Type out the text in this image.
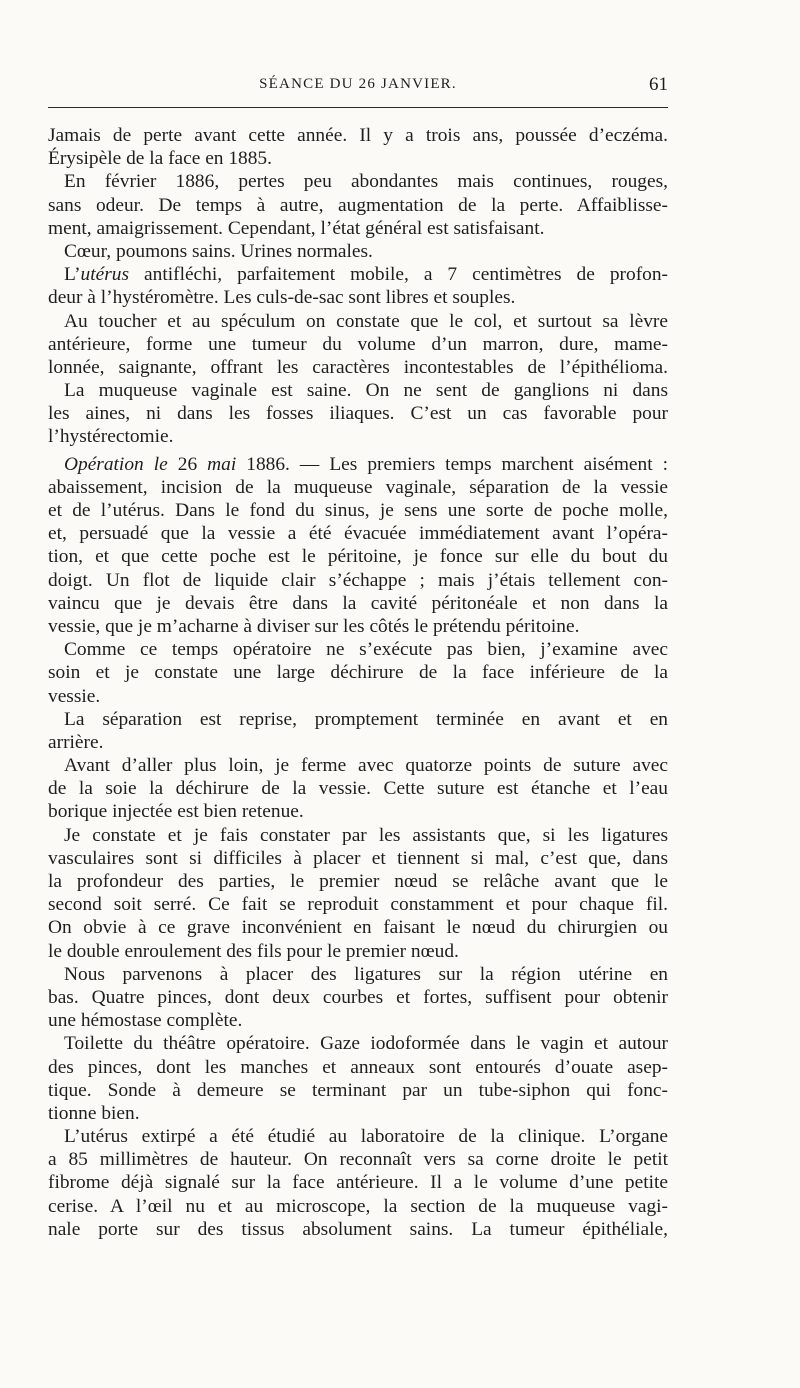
SÉANCE DU 26 JANVIER.	61
Jamais de perte avant cette année. Il y a trois ans, poussée d’eczéma.
Érysipèle de la face en 1885.
En février 1886, pertes peu abondantes mais continues, rouges,
sans odeur. De temps à autre, augmentation de la perte. Affaiblisse-
ment, amaigrissement. Cependant, l’état général est satisfaisant.
Cœur, poumons sains. Urines normales.
L’utérus antifléchi, parfaitement mobile, a 7 centimètres de profon-
deur à l’hystéromètre. Les culs-de-sac sont libres et souples.
Au toucher et au spéculum on constate que le col, et surtout sa lèvre
antérieure, forme une tumeur du volume d’un marron, dure, mame-
lonnée, saignante, offrant les caractères incontestables de l’épithélioma.
La muqueuse vaginale est saine. On ne sent de ganglions ni dans
les aines, ni dans les fosses iliaques. C’est un cas favorable pour
l’hystérectomie.
Opération le 26 mai 1886. — Les premiers temps marchent aisément :
abaissement, incision de la muqueuse vaginale, séparation de la vessie
et de l’utérus. Dans le fond du sinus, je sens une sorte de poche molle,
et, persuadé que la vessie a été évacuée immédiatement avant l’opéra-
tion, et que cette poche est le péritoine, je fonce sur elle du bout du
doigt. Un flot de liquide clair s’échappe ; mais j’étais tellement con-
vaincu que je devais être dans la cavité péritonéale et non dans la
vessie, que je m’acharne à diviser sur les côtés le prétendu péritoine.
Comme ce temps opératoire ne s’exécute pas bien, j’examine avec
soin et je constate une large déchirure de la face inférieure de la
vessie.
La séparation est reprise, promptement terminée en avant et en
arrière.
Avant d’aller plus loin, je ferme avec quatorze points de suture avec
de la soie la déchirure de la vessie. Cette suture est étanche et l’eau
borique injectée est bien retenue.
Je constate et je fais constater par les assistants que, si les ligatures
vasculaires sont si difficiles à placer et tiennent si mal, c’est que, dans
la profondeur des parties, le premier nœud se relâche avant que le
second soit serré. Ce fait se reproduit constamment et pour chaque fil.
On obvie à ce grave inconvénient en faisant le nœud du chirurgien ou
le double enroulement des fils pour le premier nœud.
Nous parvenons à placer des ligatures sur la région utérine en
bas. Quatre pinces, dont deux courbes et fortes, suffisent pour obtenir
une hémostase complète.
Toilette du théâtre opératoire. Gaze iodoformée dans le vagin et autour
des pinces, dont les manches et anneaux sont entourés d’ouate asep-
tique. Sonde à demeure se terminant par un tube-siphon qui fonc-
tionne bien.
L’utérus extirpé a été étudié au laboratoire de la clinique. L’organe
a 85 millimètres de hauteur. On reconnaît vers sa corne droite le petit
fibrome déjà signalé sur la face antérieure. Il a le volume d’une petite
cerise. A l’œil nu et au microscope, la section de la muqueuse vagi-
nale porte sur des tissus absolument sains. La tumeur épithéliale,
